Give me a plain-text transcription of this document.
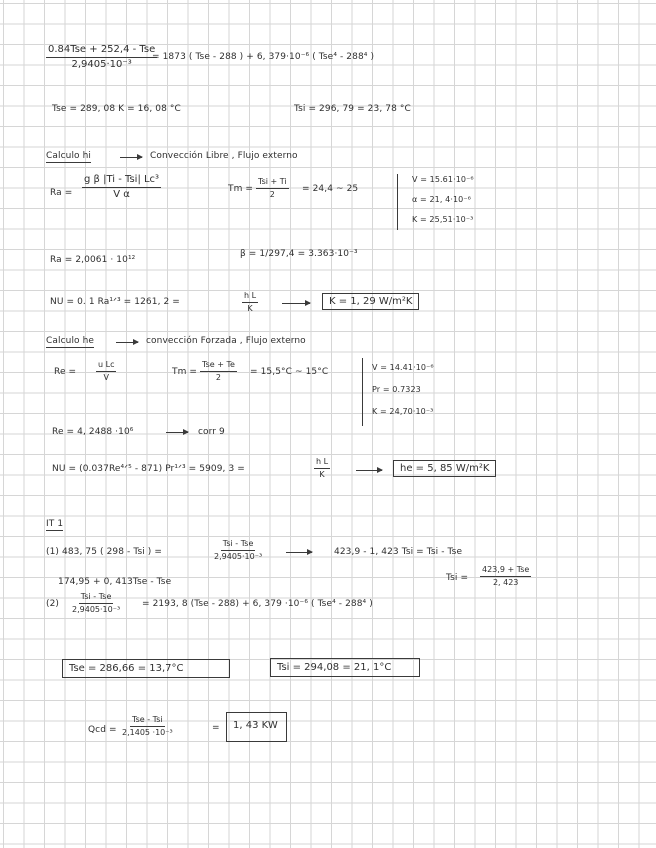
0.84Tse + 252,4 - Tse
2,9405·10⁻³
= 1873 ( Tse - 288 ) + 6, 379·10⁻⁶ ( Tse⁴ - 288⁴ )
Tse = 289, 08 K = 16, 08 °C	Tsi = 296, 79 = 23, 78 °C
Calculo hi	Convección Libre , Flujo externo
Ra =
g β |Ti - Tsi| Lc³
V α	Tm =
Tsi + Ti
2
= 24,4 ~ 25
V = 15.61·10⁻⁶
α = 21, 4·10⁻⁶
K = 25,51·10⁻³
Ra = 2,0061 · 10¹²
β = 1/297,4 = 3.363·10⁻³
NU = 0. 1 Ra¹ᐟ³ = 1261, 2 =	$\frac{\text{h L}}{K}$	K = 1, 29 W/m²K
Calculo he	convección Forzada , Flujo externo
$Re = \frac{\text{u Lc}}{V}$	Tm =
Tse + Te
2
= 15,5°C ~ 15°C	V = 14.41·10⁻⁶
Pr = 0.7323
K = 24,70·10⁻³
Re = 4, 2488 ·10⁶	corr 9
NU = (0.037Re⁴ᐟ⁵ - 871) Pr¹ᐟ³ = 5909, 3 =	$\frac{\text{h L}}{K}$	he = 5, 85 W/m²K
IT 1
(1) 483, 75 ( 298 - Tsi ) =
Tsi - Tse
2,9405·10⁻³	423,9 - 1, 423 Tsi = Tsi - Tse
Tsi =
423,9 + Tse
2, 423
174,95 + 0, 413Tse - Tse
(2)
Tsi - Tse
2,9405·10⁻³
= 2193, 8 (Tse - 288) + 6, 379 ·10⁻⁶ ( Tse⁴ - 288⁴ )
Tse = 286,66 = 13,7°C	Tsi = 294,08 = 21, 1°C
Qcd =
Tse - Tsi
2,1405 ·10⁻³	=	1, 43 KW
